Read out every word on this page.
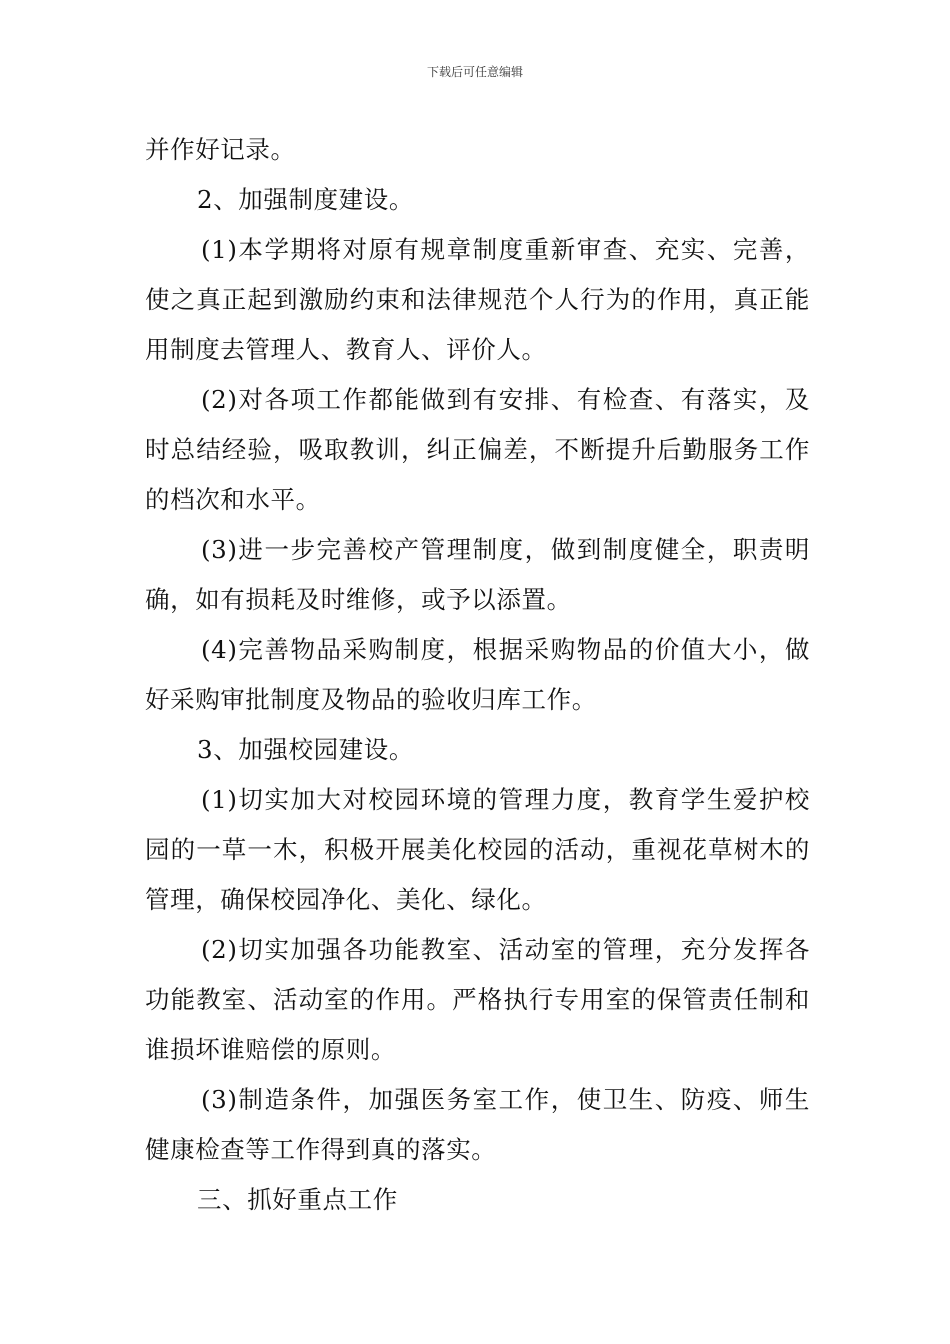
下载后可任意编辑

并作好记录。

2、加强制度建设。

(1)本学期将对原有规章制度重新审查、充实、完善，使之真正起到激励约束和法律规范个人行为的作用，真正能用制度去管理人、教育人、评价人。

(2)对各项工作都能做到有安排、有检查、有落实，及时总结经验，吸取教训，纠正偏差，不断提升后勤服务工作的档次和水平。

(3)进一步完善校产管理制度，做到制度健全，职责明确，如有损耗及时维修，或予以添置。

(4)完善物品采购制度，根据采购物品的价值大小，做好采购审批制度及物品的验收归库工作。

3、加强校园建设。

(1)切实加大对校园环境的管理力度，教育学生爱护校园的一草一木，积极开展美化校园的活动，重视花草树木的管理，确保校园净化、美化、绿化。

(2)切实加强各功能教室、活动室的管理，充分发挥各功能教室、活动室的作用。严格执行专用室的保管责任制和谁损坏谁赔偿的原则。

(3)制造条件，加强医务室工作，使卫生、防疫、师生健康检查等工作得到真的落实。

三、抓好重点工作
